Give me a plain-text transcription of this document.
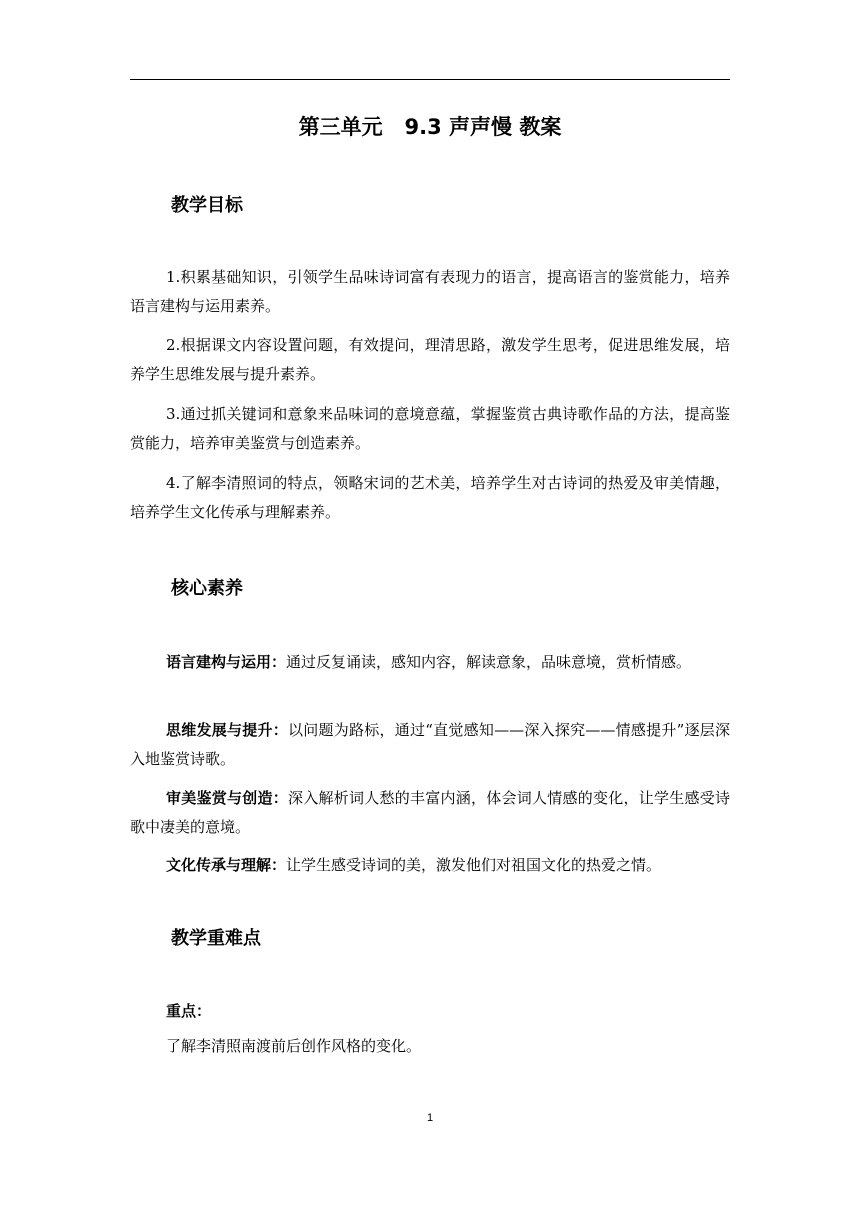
第三单元   9.3 声声慢 教案
教学目标
1.积累基础知识，引领学生品味诗词富有表现力的语言，提高语言的鉴赏能力，培养语言建构与运用素养。
2.根据课文内容设置问题，有效提问，理清思路，激发学生思考，促进思维发展，培养学生思维发展与提升素养。
3.通过抓关键词和意象来品味词的意境意蕴，掌握鉴赏古典诗歌作品的方法，提高鉴赏能力，培养审美鉴赏与创造素养。
4.了解李清照词的特点，领略宋词的艺术美，培养学生对古诗词的热爱及审美情趣，培养学生文化传承与理解素养。
核心素养
语言建构与运用：通过反复诵读，感知内容，解读意象，品味意境，赏析情感。
思维发展与提升：以问题为路标，通过“直觉感知——深入探究——情感提升”逐层深入地鉴赏诗歌。
审美鉴赏与创造：深入解析词人愁的丰富内涵，体会词人情感的变化，让学生感受诗歌中凄美的意境。
文化传承与理解：让学生感受诗词的美，激发他们对祖国文化的热爱之情。
教学重难点
重点：
了解李清照南渡前后创作风格的变化。
1
